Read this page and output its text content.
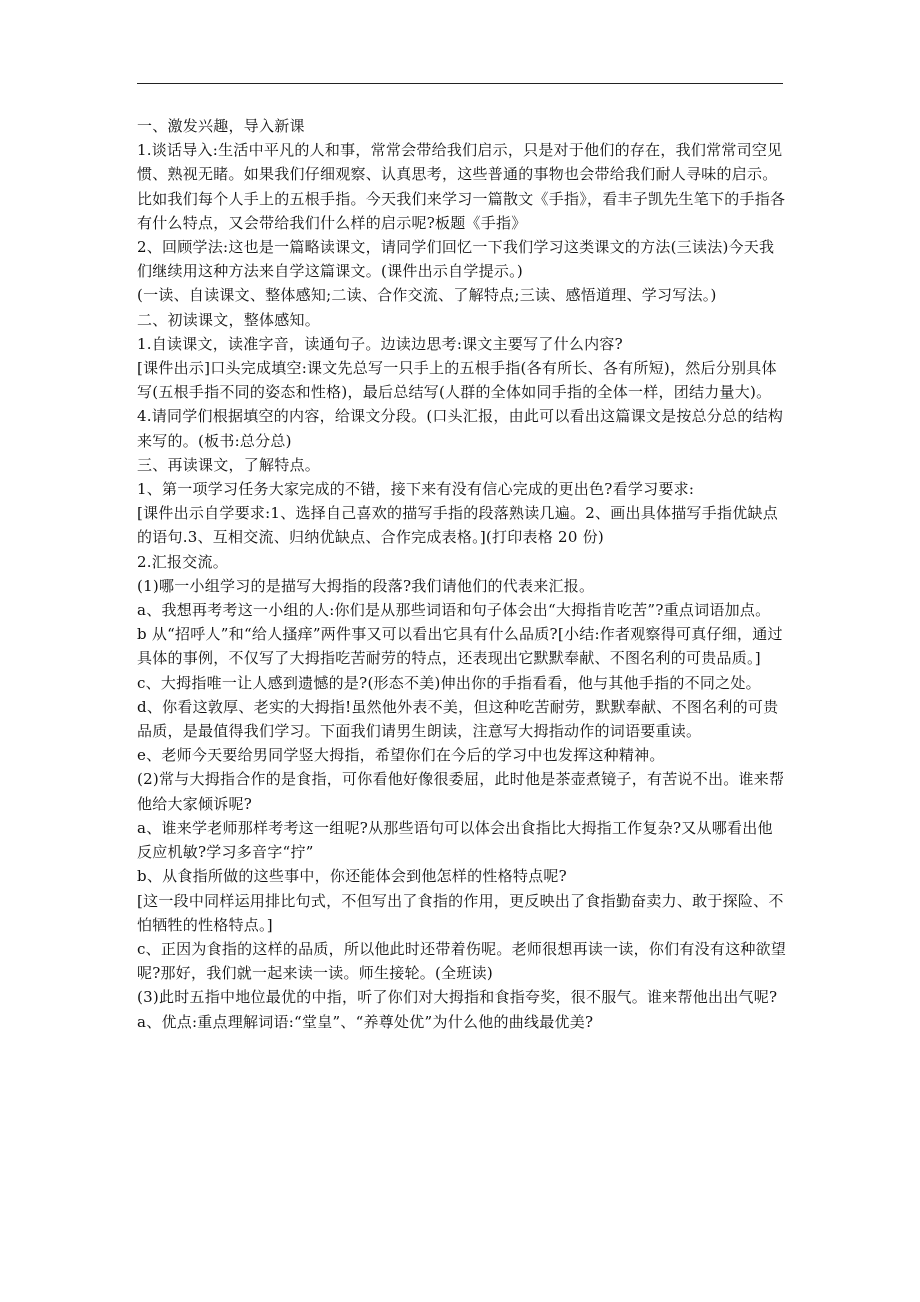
一、激发兴趣，导入新课

1.谈话导入:生活中平凡的人和事，常常会带给我们启示，只是对于他们的存在，我们常常司空见惯、熟视无睹。如果我们仔细观察、认真思考，这些普通的事物也会带给我们耐人寻味的启示。比如我们每个人手上的五根手指。今天我们来学习一篇散文《手指》，看丰子凯先生笔下的手指各有什么特点，又会带给我们什么样的启示呢?板题《手指》

2、回顾学法:这也是一篇略读课文，请同学们回忆一下我们学习这类课文的方法(三读法)今天我们继续用这种方法来自学这篇课文。(课件出示自学提示。)

(一读、自读课文、整体感知;二读、合作交流、了解特点;三读、感悟道理、学习写法。)

二、初读课文，整体感知。

1.自读课文，读准字音，读通句子。边读边思考:课文主要写了什么内容?

[课件出示]口头完成填空:课文先总写一只手上的五根手指(各有所长、各有所短)，然后分别具体写(五根手指不同的姿态和性格)，最后总结写(人群的全体如同手指的全体一样，团结力量大)。

4.请同学们根据填空的内容，给课文分段。(口头汇报，由此可以看出这篇课文是按总分总的结构来写的。(板书:总分总)

三、再读课文，了解特点。

1、第一项学习任务大家完成的不错，接下来有没有信心完成的更出色?看学习要求:

[课件出示自学要求:1、选择自己喜欢的描写手指的段落熟读几遍。2、画出具体描写手指优缺点的语句.3、互相交流、归纳优缺点、合作完成表格。](打印表格 20 份)

2.汇报交流。

(1)哪一小组学习的是描写大拇指的段落?我们请他们的代表来汇报。

a、我想再考考这一小组的人:你们是从那些词语和句子体会出“大拇指肯吃苦”?重点词语加点。

b 从“招呼人”和“给人搔痒”两件事又可以看出它具有什么品质?[小结:作者观察得可真仔细，通过具体的事例，不仅写了大拇指吃苦耐劳的特点，还表现出它默默奉献、不图名利的可贵品质。]

c、大拇指唯一让人感到遗憾的是?(形态不美)伸出你的手指看看，他与其他手指的不同之处。

d、你看这敦厚、老实的大拇指!虽然他外表不美，但这种吃苦耐劳，默默奉献、不图名利的可贵品质，是最值得我们学习。下面我们请男生朗读，注意写大拇指动作的词语要重读。

e、老师今天要给男同学竖大拇指，希望你们在今后的学习中也发挥这种精神。

(2)常与大拇指合作的是食指，可你看他好像很委屈，此时他是茶壶煮镜子，有苦说不出。谁来帮他给大家倾诉呢?

a、谁来学老师那样考考这一组呢?从那些语句可以体会出食指比大拇指工作复杂?又从哪看出他反应机敏?学习多音字“拧”

b、从食指所做的这些事中，你还能体会到他怎样的性格特点呢?

[这一段中同样运用排比句式，不但写出了食指的作用，更反映出了食指勤奋卖力、敢于探险、不怕牺牲的性格特点。]

c、正因为食指的这样的品质，所以他此时还带着伤呢。老师很想再读一读，你们有没有这种欲望呢?那好，我们就一起来读一读。师生接轮。(全班读)

(3)此时五指中地位最优的中指，听了你们对大拇指和食指夸奖，很不服气。谁来帮他出出气呢?

a、优点:重点理解词语:“堂皇”、“养尊处优”为什么他的曲线最优美?
